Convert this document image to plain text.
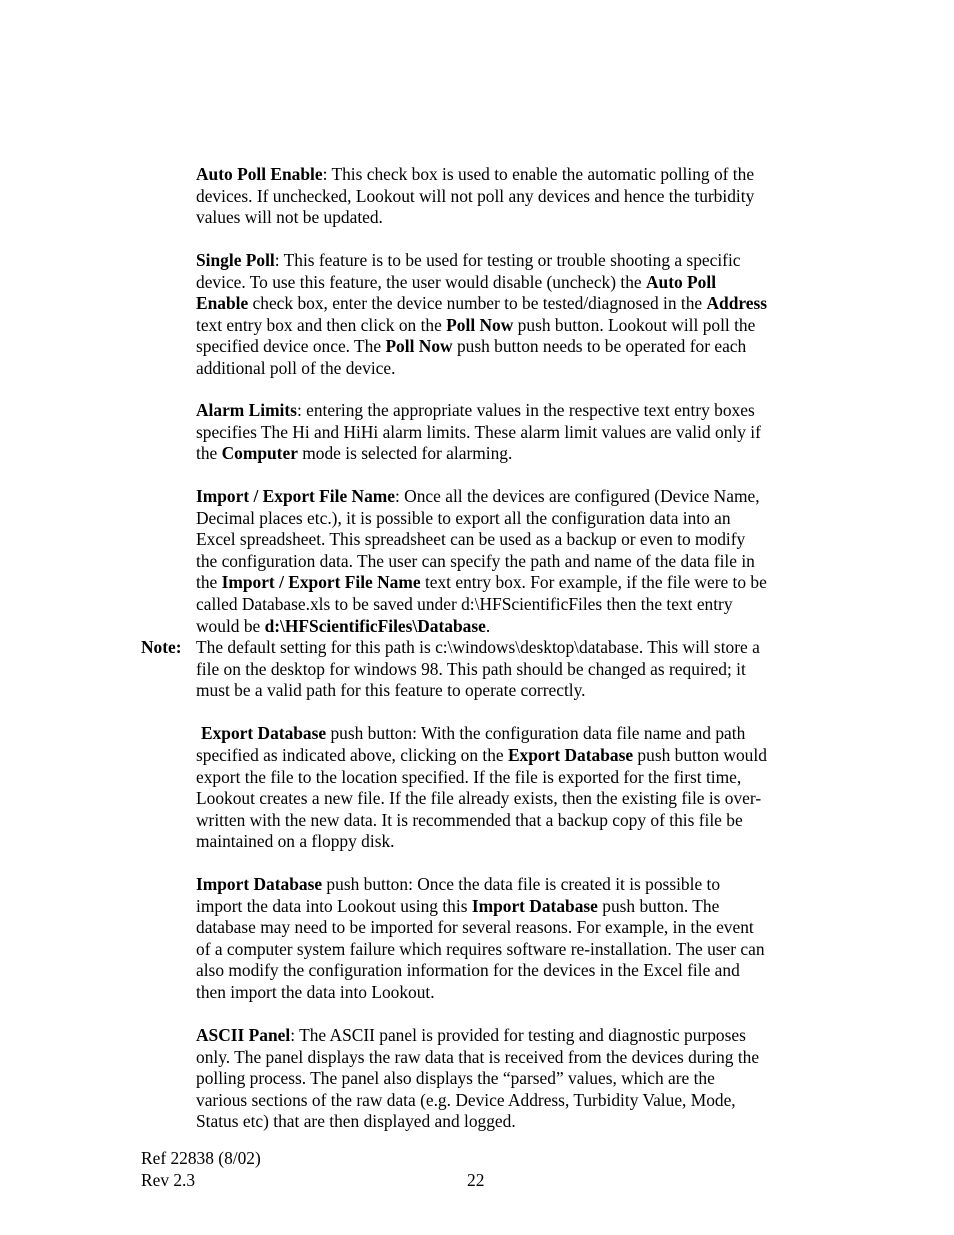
Auto Poll Enable: This check box is used to enable the automatic polling of the
devices. If unchecked, Lookout will not poll any devices and hence the turbidity
values will not be updated.

Single Poll: This feature is to be used for testing or trouble shooting a specific
device. To use this feature, the user would disable (uncheck) the Auto Poll
Enable check box, enter the device number to be tested/diagnosed in the Address
text entry box and then click on the Poll Now push button. Lookout will poll the
specified device once. The Poll Now push button needs to be operated for each
additional poll of the device.

Alarm Limits: entering the appropriate values in the respective text entry boxes
specifies The Hi and HiHi alarm limits. These alarm limit values are valid only if
the Computer mode is selected for alarming.

Import / Export File Name: Once all the devices are configured (Device Name,
Decimal places etc.), it is possible to export all the configuration data into an
Excel spreadsheet. This spreadsheet can be used as a backup or even to modify
the configuration data. The user can specify the path and name of the data file in
the Import / Export File Name text entry box. For example, if the file were to be
called Database.xls to be saved under d:\HFScientificFiles then the text entry
would be d:\HFScientificFiles\Database.

Note: The default setting for this path is c:\windows\desktop\database. This will store a
file on the desktop for windows 98. This path should be changed as required; it
must be a valid path for this feature to operate correctly.

Export Database push button: With the configuration data file name and path

specified as indicated above, clicking on the Export Database push button would
export the file to the location specified. If the file is exported for the first time,
Lookout creates a new file. If the file already exists, then the existing file is over-
written with the new data. It is recommended that a backup copy of this file be
maintained on a floppy disk.

Import Database push button: Once the data file is created it is possible to
import the data into Lookout using this Import Database push button. The
database may need to be imported for several reasons. For example, in the event
of a computer system failure which requires software re-installation. The user can
also modify the configuration information for the devices in the Excel file and
then import the data into Lookout.

ASCII Panel: The ASCII panel is provided for testing and diagnostic purposes
only. The panel displays the raw data that is received from the devices during the
polling process. The panel also displays the “parsed” values, which are the
various sections of the raw data (e.g. Device Address, Turbidity Value, Mode,
Status etc) that are then displayed and logged.

Ref 22838 (8/02)
Rev 2.3	22
